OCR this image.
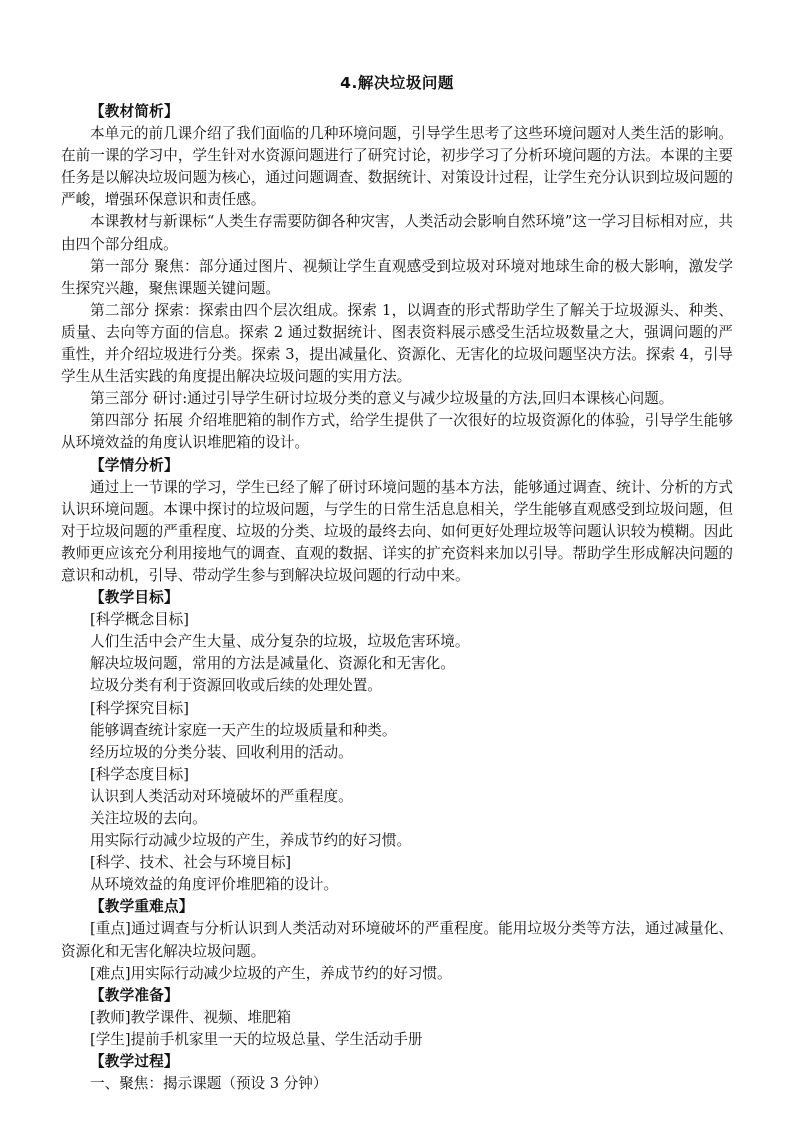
4.解决垃圾问题

【教材简析】

本单元的前几课介绍了我们面临的几种环境问题，引导学生思考了这些环境问题对人类生活的影响。在前一课的学习中，学生针对水资源问题进行了研究讨论，初步学习了分析环境问题的方法。本课的主要任务是以解决垃圾问题为核心，通过问题调查、数据统计、对策设计过程，让学生充分认识到垃圾问题的严峻，增强环保意识和责任感。

本课教材与新课标“人类生存需要防御各种灾害，人类活动会影响自然环境”这一学习目标相对应，共由四个部分组成。

第一部分 聚焦：部分通过图片、视频让学生直观感受到垃圾对环境对地球生命的极大影响，激发学生探究兴趣，聚焦课题关键问题。

第二部分 探索：探索由四个层次组成。探索 1，以调查的形式帮助学生了解关于垃圾源头、种类、质量、去向等方面的信息。探索 2 通过数据统计、图表资料展示感受生活垃圾数量之大，强调问题的严重性，并介绍垃圾进行分类。探索 3，提出减量化、资源化、无害化的垃圾问题坚决方法。探索 4，引导学生从生活实践的角度提出解决垃圾问题的实用方法。

第三部分 研讨:通过引导学生研讨垃圾分类的意义与减少垃圾量的方法,回归本课核心问题。

第四部分 拓展 介绍堆肥箱的制作方式，给学生提供了一次很好的垃圾资源化的体验，引导学生能够从环境效益的角度认识堆肥箱的设计。

【学情分析】

通过上一节课的学习，学生已经了解了研讨环境问题的基本方法，能够通过调查、统计、分析的方式认识环境问题。本课中探讨的垃圾问题，与学生的日常生活息息相关，学生能够直观感受到垃圾问题，但对于垃圾问题的严重程度、垃圾的分类、垃圾的最终去向、如何更好处理垃圾等问题认识较为模糊。因此教师更应该充分利用接地气的调查、直观的数据、详实的扩充资料来加以引导。帮助学生形成解决问题的意识和动机，引导、带动学生参与到解决垃圾问题的行动中来。

【教学目标】

[科学概念目标]

人们生活中会产生大量、成分复杂的垃圾，垃圾危害环境。

解决垃圾问题，常用的方法是减量化、资源化和无害化。

垃圾分类有利于资源回收或后续的处理处置。

[科学探究目标]

能够调查统计家庭一天产生的垃圾质量和种类。

经历垃圾的分类分装、回收利用的活动。

[科学态度目标]

认识到人类活动对环境破坏的严重程度。

关注垃圾的去向。

用实际行动减少垃圾的产生，养成节约的好习惯。

[科学、技术、社会与环境目标]

从环境效益的角度评价堆肥箱的设计。

【教学重难点】

[重点]通过调查与分析认识到人类活动对环境破坏的严重程度。能用垃圾分类等方法，通过减量化、资源化和无害化解决垃圾问题。

[难点]用实际行动减少垃圾的产生，养成节约的好习惯。

【教学准备】

[教师]教学课件、视频、堆肥箱

[学生]提前手机家里一天的垃圾总量、学生活动手册

【教学过程】

一、聚焦：揭示课题（预设 3 分钟）
